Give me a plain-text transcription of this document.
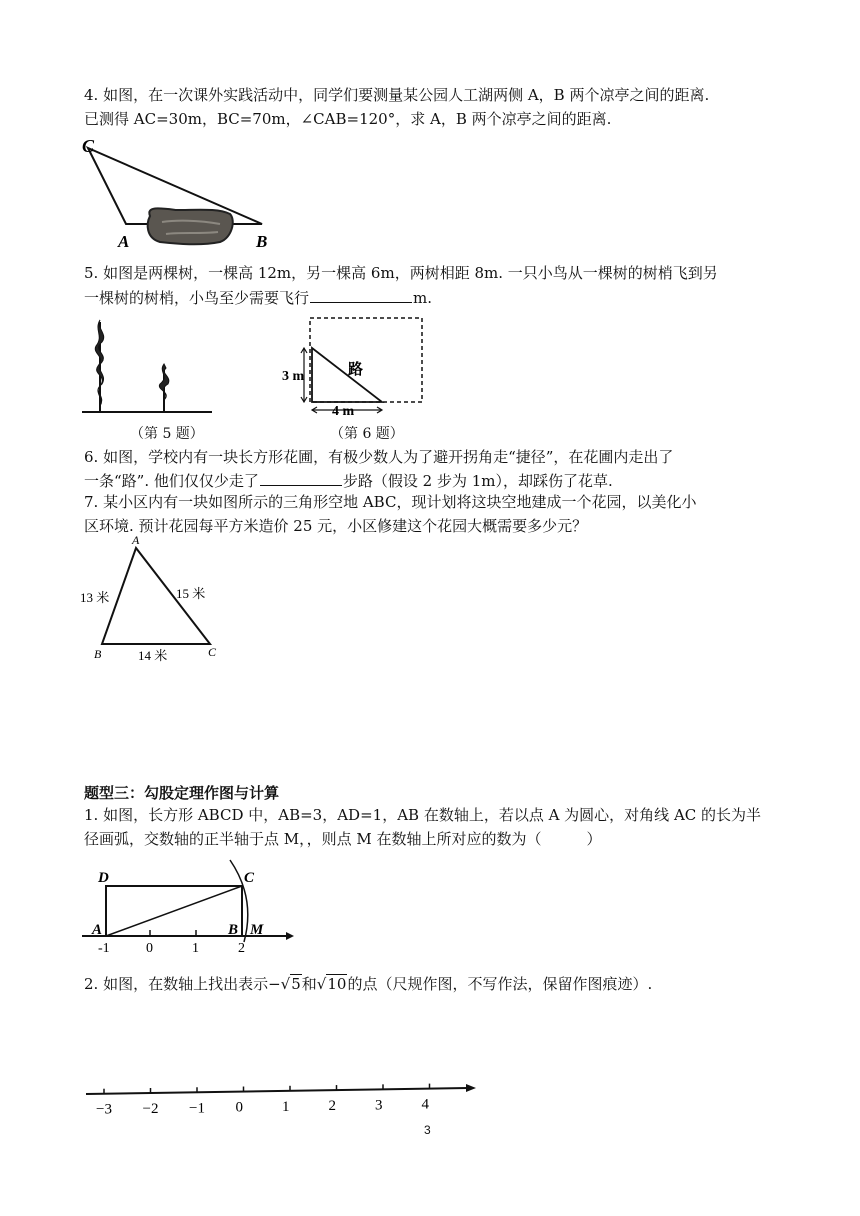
4. 如图，在一次课外实践活动中，同学们要测量某公园人工湖两侧 A，B 两个凉亭之间的距离.
已测得 AC=30m，BC=70m，∠CAB=120°，求 A，B 两个凉亭之间的距离.
C
A	B
5. 如图是两棵树，一棵高 12m，另一棵高 6m，两树相距 8m. 一只小鸟从一棵树的树梢飞到另
一棵树的树梢，小鸟至少需要飞行	m.
（第 5 题）
3 m
4 m
路
（第 6 题）
6. 如图，学校内有一块长方形花圃，有极少数人为了避开拐角走“捷径”，在花圃内走出了
一条“路”. 他们仅仅少走了	步路（假设 2 步为 1m），却踩伤了花草.
7. 某小区内有一块如图所示的三角形空地 ABC，现计划将这块空地建成一个花园，以美化小
区环境. 预计花园每平方米造价 25 元，小区修建这个花园大概需要多少元？
A
B	C
13 米	15 米
14 米
题型三：勾股定理作图与计算
1. 如图，长方形 ABCD 中，AB=3，AD=1，AB 在数轴上，若以点 A 为圆心，对角线 AC 的长为半
径画弧，交数轴的正半轴于点 M，，则点 M 在数轴上所对应的数为（　　　）
D	C
A	B M
-1	0	1	2
2. 如图，在数轴上找出表示−√5和√10的点（尺规作图，不写作法，保留作图痕迹）.
−3 −2 −1 0	1	2	3	4
3
